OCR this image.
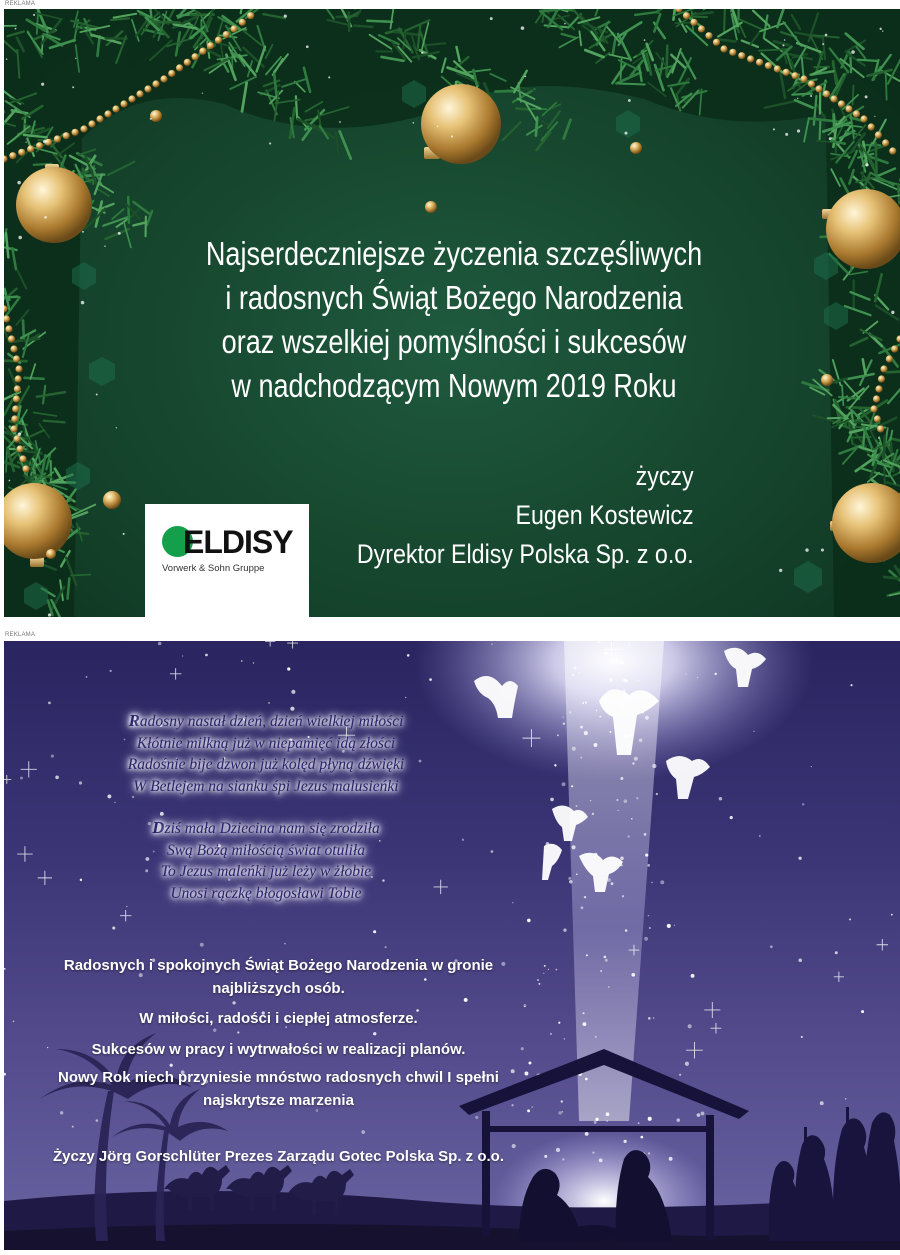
REKLAMA
Najserdeczniejsze życzenia szczęśliwych
i radosnych Świąt Bożego Narodzenia
oraz wszelkiej pomyślności i sukcesów
w nadchodzącym Nowym 2019 Roku
życzy
Eugen Kostewicz
Dyrektor Eldisy Polska Sp. z o.o.
ELDISY
Vorwerk & Sohn Gruppe
REKLAMA
Radosny nastał dzień, dzień wielkiej miłości
Kłótnie milkną już w niepamięć idą złości
Radośnie bije dzwon już kolęd płyną dźwięki
W Betlejem na sianku śpi Jezus malusieńki
Dziś mała Dziecina nam się zrodziła
Swą Bożą miłością świat otuliła
To Jezus maleńki już leży w żłobie
Unosi rączkę błogosławi Tobie
Radosnych i spokojnych Świąt Bożego Narodzenia w gronie
najbliższych osób.
W miłości, radości i ciepłej atmosferze.
Sukcesów w pracy i wytrwałości w realizacji planów.
Nowy Rok niech przyniesie mnóstwo radosnych chwil I spełni
najskrytsze marzenia
Życzy Jörg Gorschlüter Prezes Zarządu Gotec Polska Sp. z o.o.
